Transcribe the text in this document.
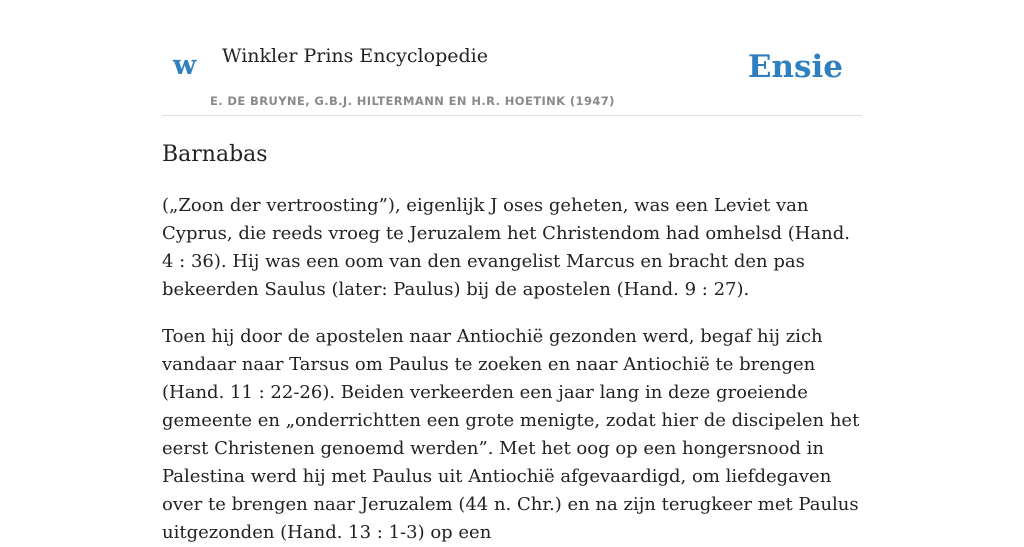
w Winkler Prins Encyclopedie
E. DE BRUYNE, G.B.J. HILTERMANN EN H.R. HOETINK (1947)
Ensie
Barnabas

(„Zoon der vertroosting”), eigenlijk J oses geheten, was een Leviet van Cyprus, die reeds vroeg te Jeruzalem het Christendom had omhelsd (Hand. 4 : 36). Hij was een oom van den evangelist Marcus en bracht den pas bekeerden Saulus (later: Paulus) bij de apostelen (Hand. 9 : 27).

Toen hij door de apostelen naar Antiochië gezonden werd, begaf hij zich vandaar naar Tarsus om Paulus te zoeken en naar Antiochië te brengen (Hand. 11 : 22-26). Beiden verkeerden een jaar lang in deze groeiende gemeente en „onderrichtten een grote menigte, zodat hier de discipelen het eerst Christenen genoemd werden”. Met het oog op een hongersnood in Palestina werd hij met Paulus uit Antiochië afgevaardigd, om liefdegaven over te brengen naar Jeruzalem (44 n. Chr.) en na zijn terugkeer met Paulus uitgezonden (Hand. 13 : 1-3) op een
